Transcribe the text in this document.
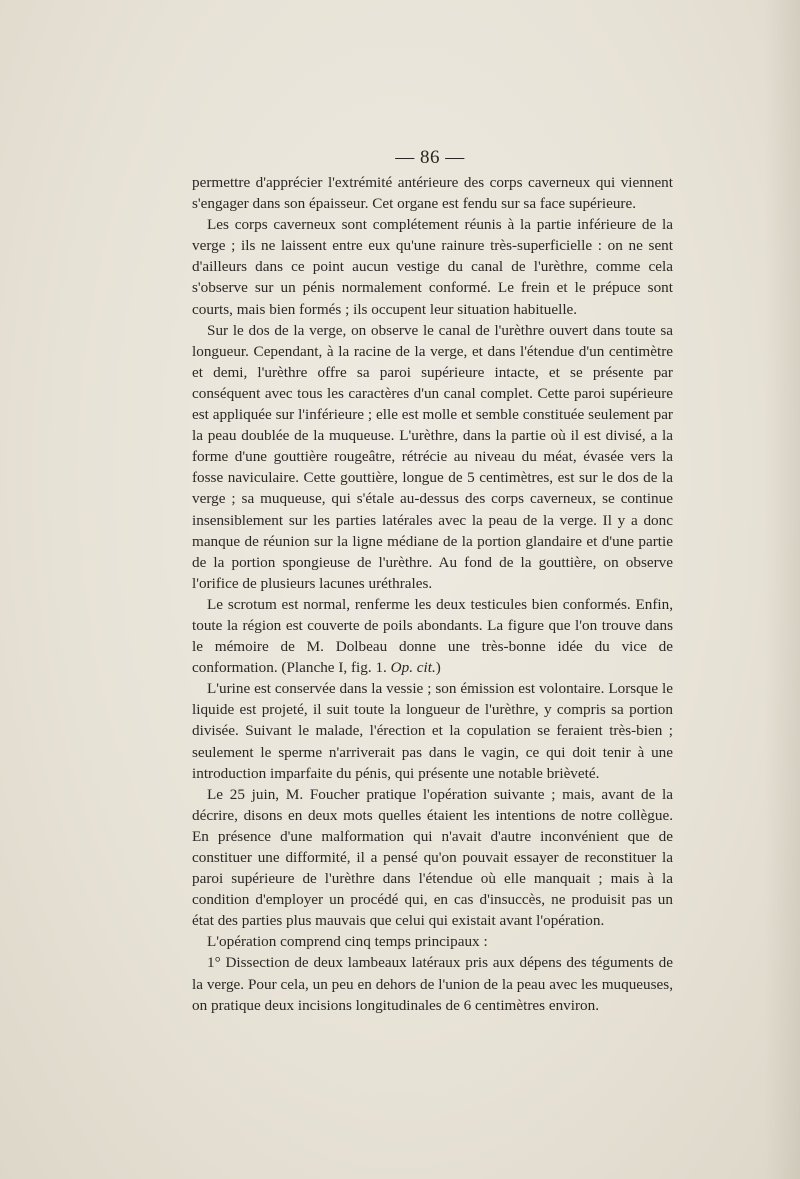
— 86 —

permettre d'apprécier l'extrémité antérieure des corps caverneux qui viennent s'engager dans son épaisseur. Cet organe est fendu sur sa face supérieure.

Les corps caverneux sont complétement réunis à la partie inférieure de la verge ; ils ne laissent entre eux qu'une rainure très-superficielle : on ne sent d'ailleurs dans ce point aucun vestige du canal de l'urèthre, comme cela s'observe sur un pénis normalement conformé. Le frein et le prépuce sont courts, mais bien formés ; ils occupent leur situation habituelle.

Sur le dos de la verge, on observe le canal de l'urèthre ouvert dans toute sa longueur. Cependant, à la racine de la verge, et dans l'étendue d'un centimètre et demi, l'urèthre offre sa paroi supérieure intacte, et se présente par conséquent avec tous les caractères d'un canal complet. Cette paroi supérieure est appliquée sur l'inférieure ; elle est molle et semble constituée seulement par la peau doublée de la muqueuse. L'urèthre, dans la partie où il est divisé, a la forme d'une gouttière rougeâtre, rétrécie au niveau du méat, évasée vers la fosse naviculaire. Cette gouttière, longue de 5 centimètres, est sur le dos de la verge ; sa muqueuse, qui s'étale au-dessus des corps caverneux, se continue insensiblement sur les parties latérales avec la peau de la verge. Il y a donc manque de réunion sur la ligne médiane de la portion glandaire et d'une partie de la portion spongieuse de l'urèthre. Au fond de la gouttière, on observe l'orifice de plusieurs lacunes uréthrales.

Le scrotum est normal, renferme les deux testicules bien conformés. Enfin, toute la région est couverte de poils abondants. La figure que l'on trouve dans le mémoire de M. Dolbeau donne une très-bonne idée du vice de conformation. (Planche I, fig. 1. Op. cit.)

L'urine est conservée dans la vessie ; son émission est volontaire. Lorsque le liquide est projeté, il suit toute la longueur de l'urèthre, y compris sa portion divisée. Suivant le malade, l'érection et la copulation se feraient très-bien ; seulement le sperme n'arriverait pas dans le vagin, ce qui doit tenir à une introduction imparfaite du pénis, qui présente une notable brièveté.

Le 25 juin, M. Foucher pratique l'opération suivante ; mais, avant de la décrire, disons en deux mots quelles étaient les intentions de notre collègue. En présence d'une malformation qui n'avait d'autre inconvénient que de constituer une difformité, il a pensé qu'on pouvait essayer de reconstituer la paroi supérieure de l'urèthre dans l'étendue où elle manquait ; mais à la condition d'employer un procédé qui, en cas d'insuccès, ne produisit pas un état des parties plus mauvais que celui qui existait avant l'opération.

L'opération comprend cinq temps principaux :

1° Dissection de deux lambeaux latéraux pris aux dépens des téguments de la verge. Pour cela, un peu en dehors de l'union de la peau avec les muqueuses, on pratique deux incisions longitudinales de 6 centimètres environ.
